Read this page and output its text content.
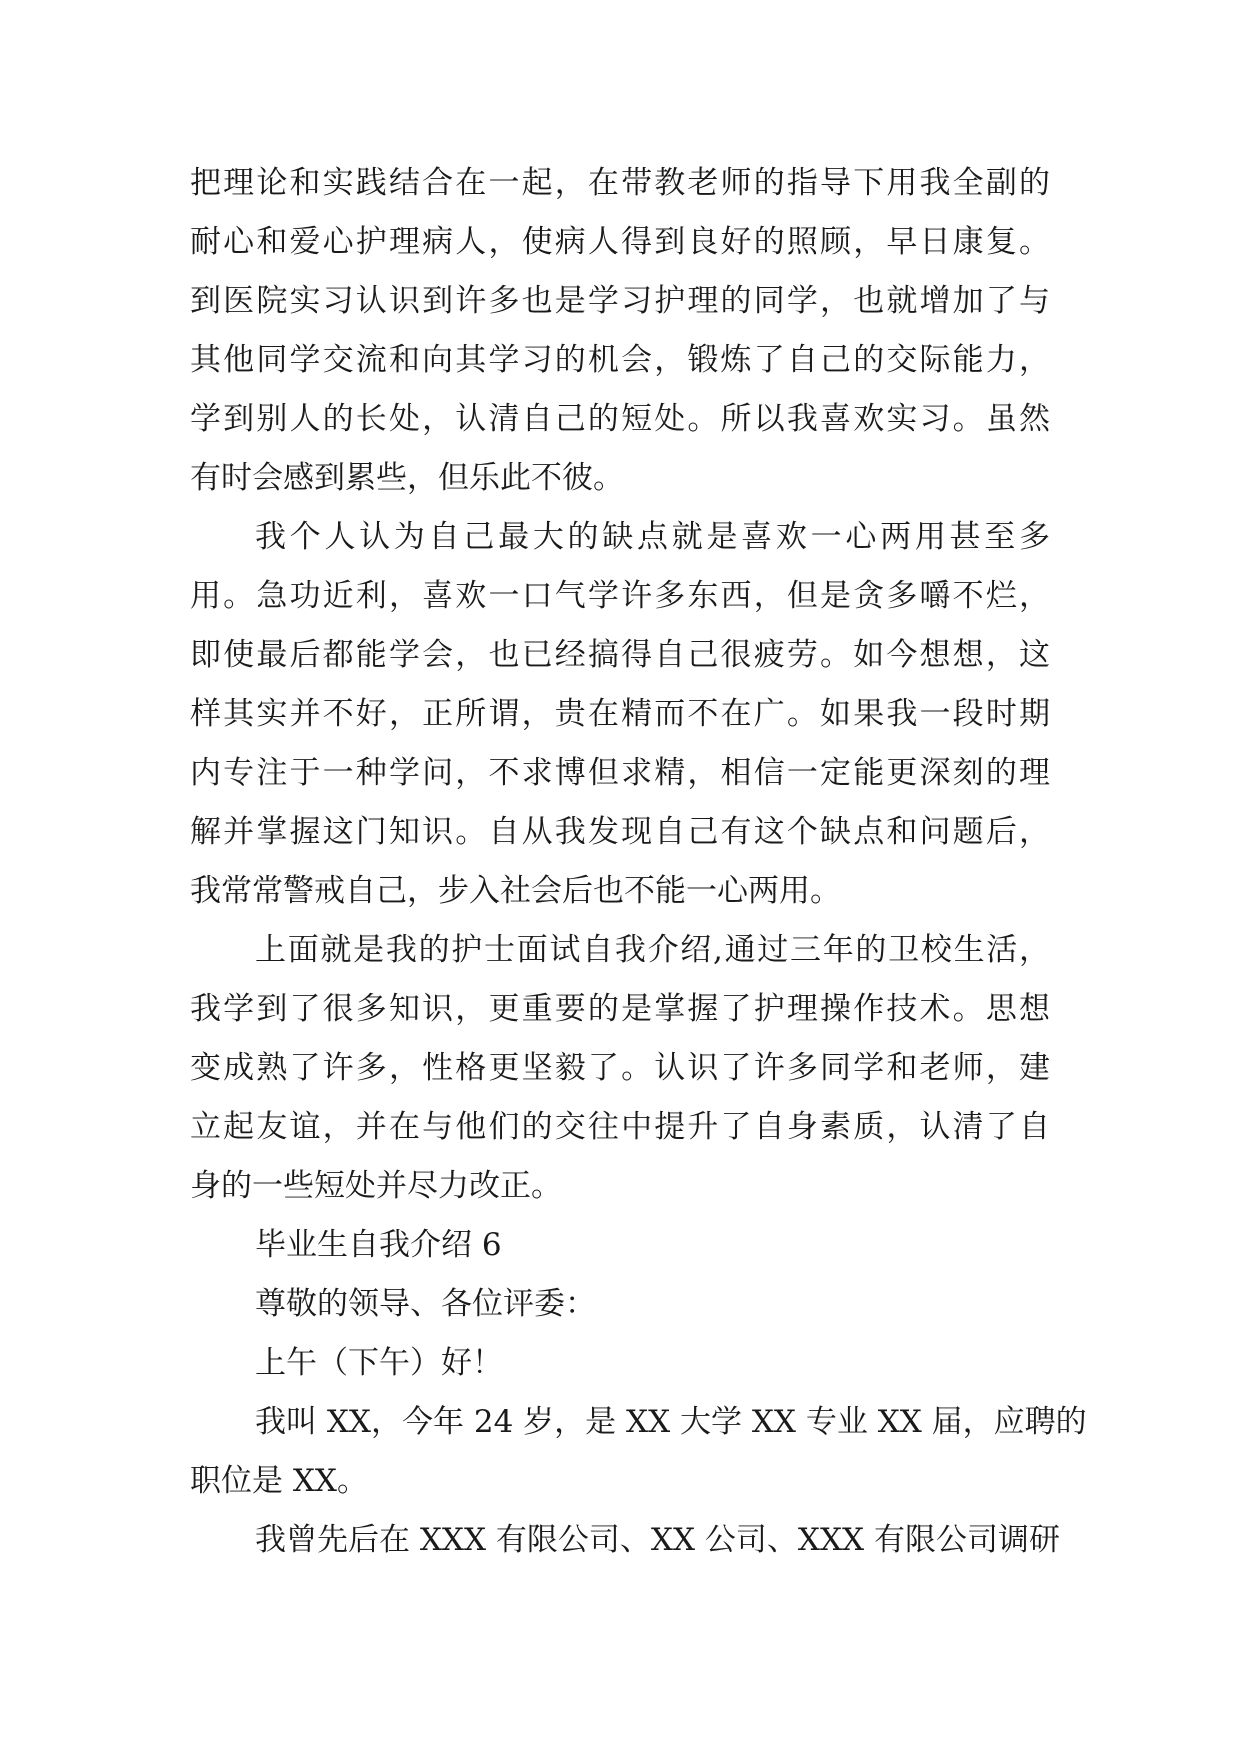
把理论和实践结合在一起，在带教老师的指导下用我全副的
耐心和爱心护理病人，使病人得到良好的照顾，早日康复。
到医院实习认识到许多也是学习护理的同学，也就增加了与
其他同学交流和向其学习的机会，锻炼了自己的交际能力，
学到别人的长处，认清自己的短处。所以我喜欢实习。虽然
有时会感到累些，但乐此不彼。
我个人认为自己最大的缺点就是喜欢一心两用甚至多
用。急功近利，喜欢一口气学许多东西，但是贪多嚼不烂，
即使最后都能学会，也已经搞得自己很疲劳。如今想想，这
样其实并不好，正所谓，贵在精而不在广。如果我一段时期
内专注于一种学问，不求博但求精，相信一定能更深刻的理
解并掌握这门知识。自从我发现自己有这个缺点和问题后，
我常常警戒自己，步入社会后也不能一心两用。
上面就是我的护士面试自我介绍,通过三年的卫校生活，
我学到了很多知识，更重要的是掌握了护理操作技术。思想
变成熟了许多，性格更坚毅了。认识了许多同学和老师，建
立起友谊，并在与他们的交往中提升了自身素质，认清了自
身的一些短处并尽力改正。
毕业生自我介绍 6
尊敬的领导、各位评委：
上午（下午）好！
我叫 XX，今年 24 岁，是 XX 大学 XX 专业 XX 届，应聘的
职位是 XX。
我曾先后在 XXX 有限公司、XX 公司、XXX 有限公司调研
